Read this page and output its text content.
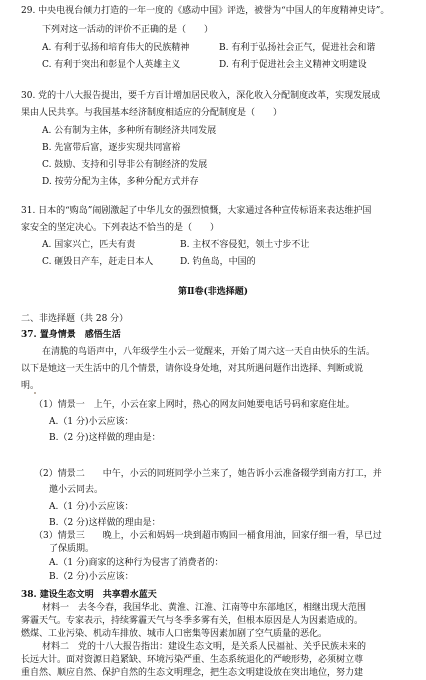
29. 中央电视台倾力打造的一年一度的《感动中国》评选，被誉为“中国人的年度精神史诗”。
下列对这一活动的评价不正确的是（　　）
A. 有利于弘扬和培育伟大的民族精神	B. 有利于弘扬社会正气，促进社会和谐
C. 有利于突出和彰显个人英雄主义	D. 有利于促进社会主义精神文明建设
30. 党的十八大报告提出，要千方百计增加居民收入，深化收入分配制度改革，实现发展成
果由人民共享。与我国基本经济制度相适应的分配制度是（　　）
A. 公有制为主体，多种所有制经济共同发展
B. 先富带后富，逐步实现共同富裕
C. 鼓励、支持和引导非公有制经济的发展
D. 按劳分配为主体，多种分配方式并存
31. 日本的“购岛”闹剧激起了中华儿女的强烈愤慨，大家通过各种宣传标语来表达维护国
家安全的坚定决心。下列表达不恰当的是（　　）
A. 国家兴亡，匹夫有责	B. 主权不容侵犯，领土寸步不让
C. 砸毁日产车，赶走日本人	D. 钓鱼岛，中国的
第Ⅱ卷(非选择题)
二、非选择题（共 28 分）
37. 置身情景　感悟生活
在清脆的鸟语声中，八年级学生小云一觉醒来，开始了周六这一天自由快乐的生活。
以下是她这一天生活中的几个情景，请你设身处地，对其所遇问题作出选择、判断或说
明。
（1）情景一　上午，小云在家上网时，热心的网友问她要电话号码和家庭住址。
A.（1 分)小云应该：
B.（2 分)这样做的理由是：
（2）情景二　　中午，小云的同班同学小兰来了，她告诉小云准备辍学到南方打工，并
邀小云同去。
A.（1 分)小云应该：
B.（2 分)这样做的理由是：
（3）情景三　　晚上，小云和妈妈一块到超市购回一桶食用油，回家仔细一看，早已过
了保质期。
A.（1 分)商家的这种行为侵害了消费者的：
B.（2 分)小云应该：
38. 建设生态文明　共享碧水蓝天
材料一　去冬今春，我国华北、黄淮、江淮、江南等中东部地区，相继出现大范围
雾霾天气。专家表示，持续雾霾天气与冬季多雾有关，但根本原因是人为因素造成的。
燃煤、工业污染、机动车排放、城市人口密集等因素加剧了空气质量的恶化。
材料二　党的十八大报告指出：建设生态文明，是关系人民福祉、关乎民族未来的
长远大计。面对资源日趋紧缺、环境污染严重、生态系统退化的严峻形势，必须树立尊
重自然、顺应自然、保护自然的生态文明理念，把生态文明建设放在突出地位，努力建
